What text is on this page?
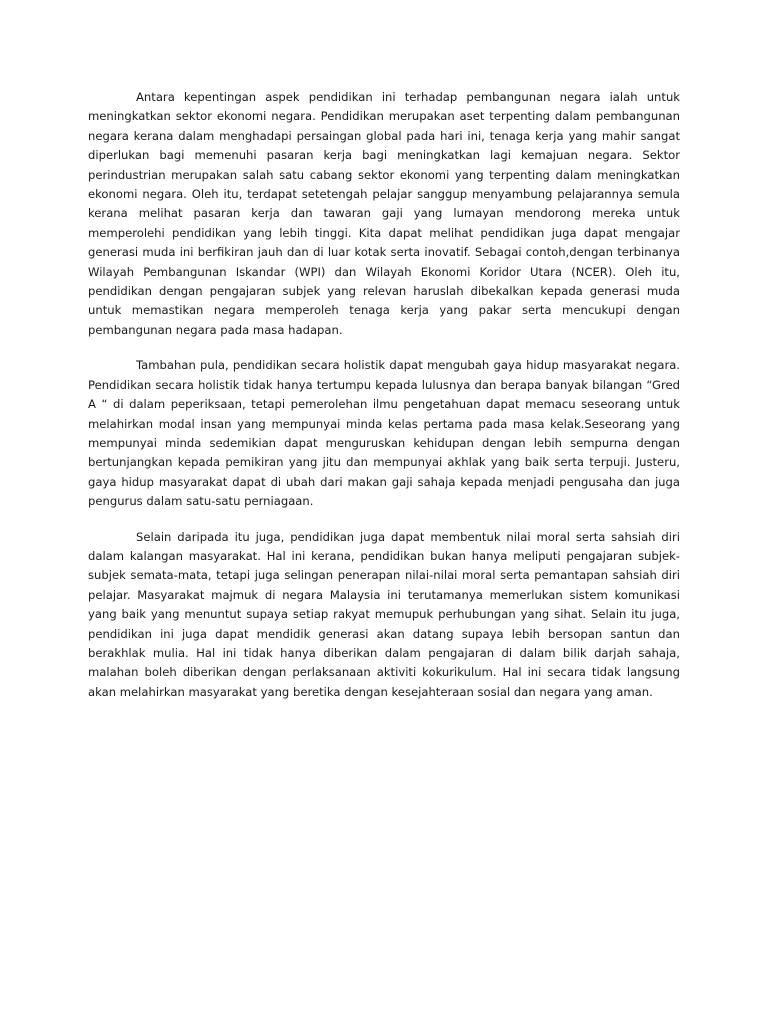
Antara kepentingan aspek pendidikan ini terhadap pembangunan negara ialah untuk meningkatkan sektor ekonomi negara. Pendidikan merupakan aset terpenting dalam pembangunan negara kerana dalam menghadapi persaingan global pada hari ini, tenaga kerja yang mahir sangat diperlukan bagi memenuhi pasaran kerja bagi meningkatkan lagi kemajuan negara. Sektor perindustrian merupakan salah satu cabang sektor ekonomi yang terpenting dalam meningkatkan ekonomi negara. Oleh itu, terdapat setetengah pelajar sanggup menyambung pelajarannya semula kerana melihat pasaran kerja dan tawaran gaji yang lumayan mendorong mereka untuk memperolehi pendidikan yang lebih tinggi. Kita dapat melihat pendidikan juga dapat mengajar generasi muda ini berfikiran jauh dan di luar kotak serta inovatif. Sebagai contoh,dengan terbinanya Wilayah Pembangunan Iskandar (WPI) dan Wilayah Ekonomi Koridor Utara (NCER). Oleh itu, pendidikan dengan pengajaran subjek yang relevan haruslah dibekalkan kepada generasi muda untuk memastikan negara memperoleh tenaga kerja yang pakar serta mencukupi dengan pembangunan negara pada masa hadapan.

Tambahan pula, pendidikan secara holistik dapat mengubah gaya hidup masyarakat negara. Pendidikan secara holistik tidak hanya tertumpu kepada lulusnya dan berapa banyak bilangan “Gred A “ di dalam peperiksaan, tetapi pemerolehan ilmu pengetahuan dapat memacu seseorang untuk melahirkan modal insan yang mempunyai minda kelas pertama pada masa kelak.Seseorang yang mempunyai minda sedemikian dapat menguruskan kehidupan dengan lebih sempurna dengan bertunjangkan kepada pemikiran yang jitu dan mempunyai akhlak yang baik serta terpuji. Justeru, gaya hidup masyarakat dapat di ubah dari makan gaji sahaja kepada menjadi pengusaha dan juga pengurus dalam satu-satu perniagaan.

Selain daripada itu juga, pendidikan juga dapat membentuk nilai moral serta sahsiah diri dalam kalangan masyarakat. Hal ini kerana, pendidikan bukan hanya meliputi pengajaran subjek-subjek semata-mata, tetapi juga selingan penerapan nilai-nilai moral serta pemantapan sahsiah diri pelajar. Masyarakat majmuk di negara Malaysia ini terutamanya memerlukan sistem komunikasi yang baik yang menuntut supaya setiap rakyat memupuk perhubungan yang sihat. Selain itu juga, pendidikan ini juga dapat mendidik generasi akan datang supaya lebih bersopan santun dan berakhlak mulia. Hal ini tidak hanya diberikan dalam pengajaran di dalam bilik darjah sahaja, malahan boleh diberikan dengan perlaksanaan aktiviti kokurikulum. Hal ini secara tidak langsung akan melahirkan masyarakat yang beretika dengan kesejahteraan sosial dan negara yang aman.
